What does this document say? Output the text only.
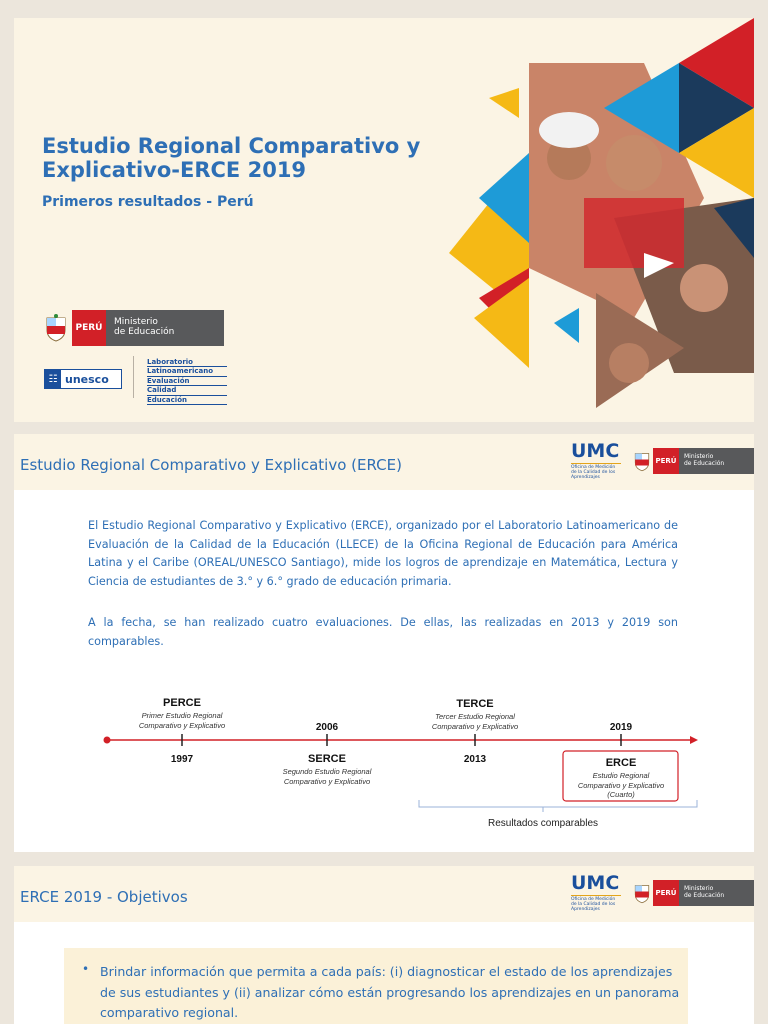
Estudio Regional Comparativo y Explicativo-ERCE 2019
Primeros resultados - Perú
PERÚ
Ministerio
de Educación
☷ unesco
Laboratorio
Latinoamericano
Evaluación
Calidad
Educación
Estudio Regional Comparativo y Explicativo (ERCE)
UMC
Oficina de Medición de la Calidad de los Aprendizajes
PERÚ
Ministerio
de Educación

El Estudio Regional Comparativo y Explicativo (ERCE), organizado por el Laboratorio Latinoamericano de Evaluación de la Calidad de la Educación (LLECE) de la Oficina Regional de Educación para América Latina y el Caribe (OREAL/UNESCO Santiago), mide los logros de aprendizaje en Matemática, Lectura y Ciencia de estudiantes de 3.° y 6.° grado de educación primaria.

A la fecha, se han realizado cuatro evaluaciones. De ellas, las realizadas en 2013 y 2019 son comparables.

PERCE
Primer Estudio Regional
Comparativo y Explicativo
1997
2006
SERCE
Segundo Estudio Regional
Comparativo y Explicativo
TERCE
Tercer Estudio Regional
Comparativo y Explicativo
2013
2019
ERCE
Estudio Regional
Comparativo y Explicativo
(Cuarto)
Resultados comparables
ERCE 2019 - Objetivos
UMC
Oficina de Medición de la Calidad de los Aprendizajes
PERÚ
Ministerio
de Educación
• Brindar información que permita a cada país: (i) diagnosticar el estado de los aprendizajes de sus estudiantes y (ii) analizar cómo están progresando los aprendizajes en un panorama comparativo regional.
